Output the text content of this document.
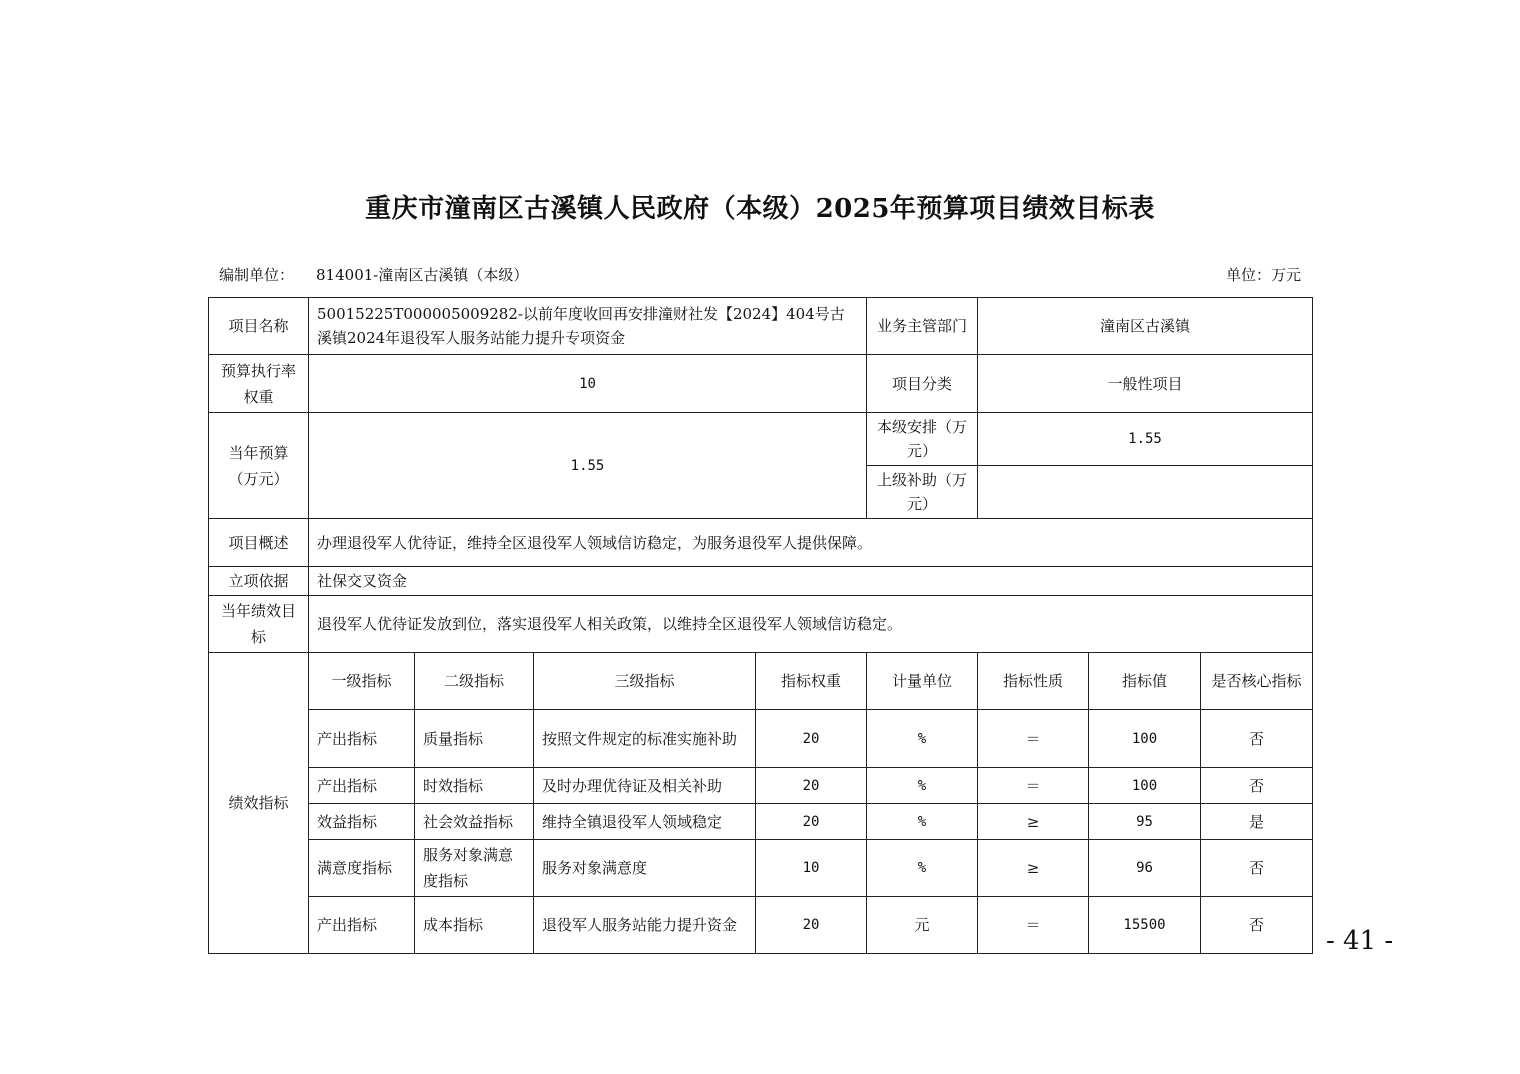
重庆市潼南区古溪镇人民政府（本级）2025年预算项目绩效目标表
编制单位： 814001-潼南区古溪镇（本级）	单位：万元
项目名称	50015225T000005009282-以前年度收回再安排潼财社发【2024】404号古溪镇2024年退役军人服务站能力提升专项资金				业务主管部门	潼南区古溪镇		
预算执行率权重	10				项目分类	一般性项目		
当年预算（万元）	1.55				本级安排（万元）	1.55		
					上级补助（万元）			
项目概述	办理退役军人优待证，维持全区退役军人领域信访稳定，为服务退役军人提供保障。							
立项依据	社保交叉资金							
当年绩效目标	退役军人优待证发放到位，落实退役军人相关政策，以维持全区退役军人领域信访稳定。							
绩效指标	一级指标	二级指标	三级指标	指标权重	计量单位	指标性质	指标值	是否核心指标
	产出指标	质量指标	按照文件规定的标准实施补助	20	%	＝	100	否
	产出指标	时效指标	及时办理优待证及相关补助	20	%	＝	100	否
	效益指标	社会效益指标	维持全镇退役军人领域稳定	20	%	≥	95	是
	满意度指标	服务对象满意度指标	服务对象满意度	10	%	≥	96	否
	产出指标	成本指标	退役军人服务站能力提升资金	20	元	＝	15500	否
- 41 -
